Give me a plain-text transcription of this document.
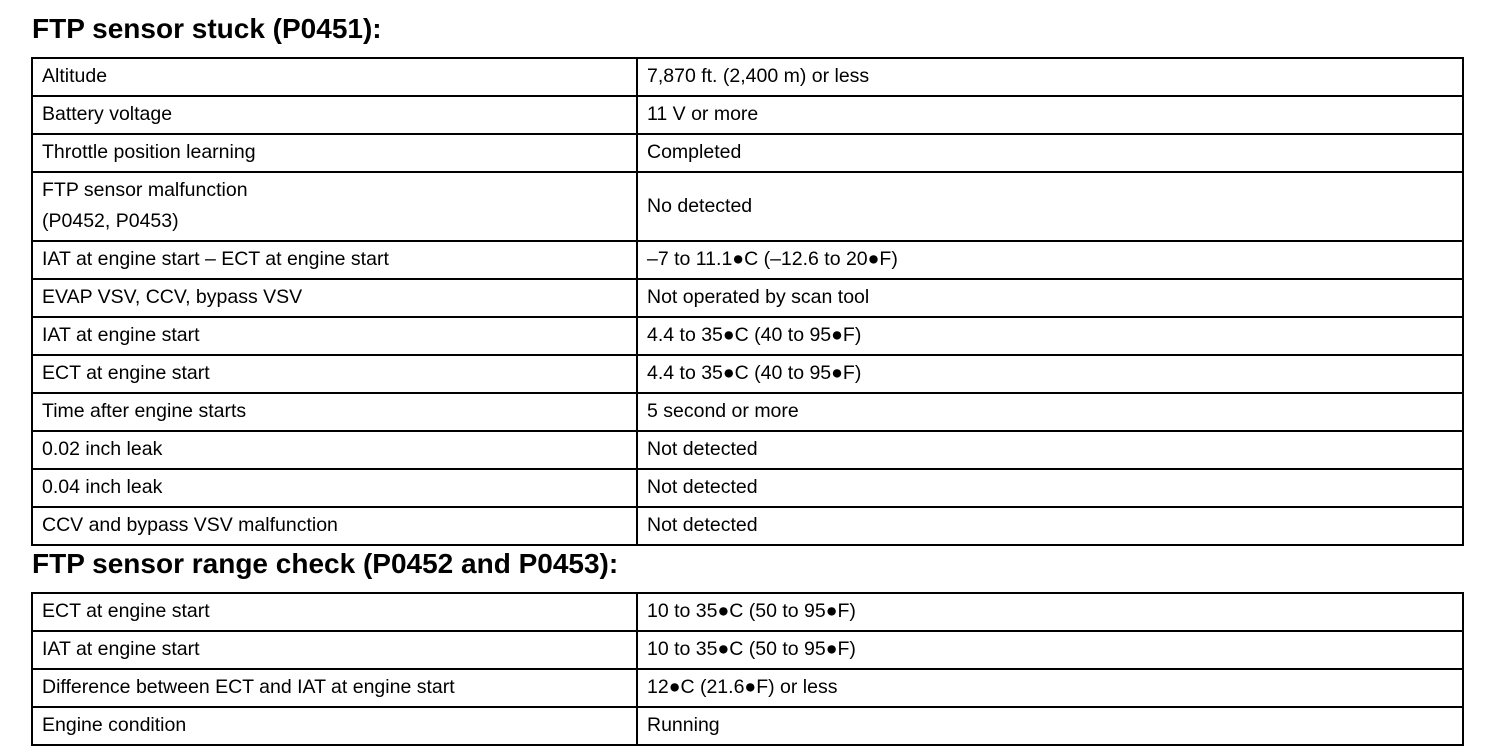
FTP sensor stuck (P0451):
Altitude	7,870 ft. (2,400 m) or less

Battery voltage	11 V or more

Throttle position learning	Completed

FTP sensor malfunction
(P0452, P0453)	No detected

IAT at engine start – ECT at engine start	–7 to 11.1●C (–12.6 to 20●F)

EVAP VSV, CCV, bypass VSV	Not operated by scan tool

IAT at engine start	4.4 to 35●C (40 to 95●F)

ECT at engine start	4.4 to 35●C (40 to 95●F)

Time after engine starts	5 second or more

0.02 inch leak	Not detected

0.04 inch leak	Not detected

CCV and bypass VSV malfunction	Not detected
FTP sensor range check (P0452 and P0453):
ECT at engine start	10 to 35●C (50 to 95●F)

IAT at engine start	10 to 35●C (50 to 95●F)

Difference between ECT and IAT at engine start	12●C (21.6●F) or less

Engine condition	Running
